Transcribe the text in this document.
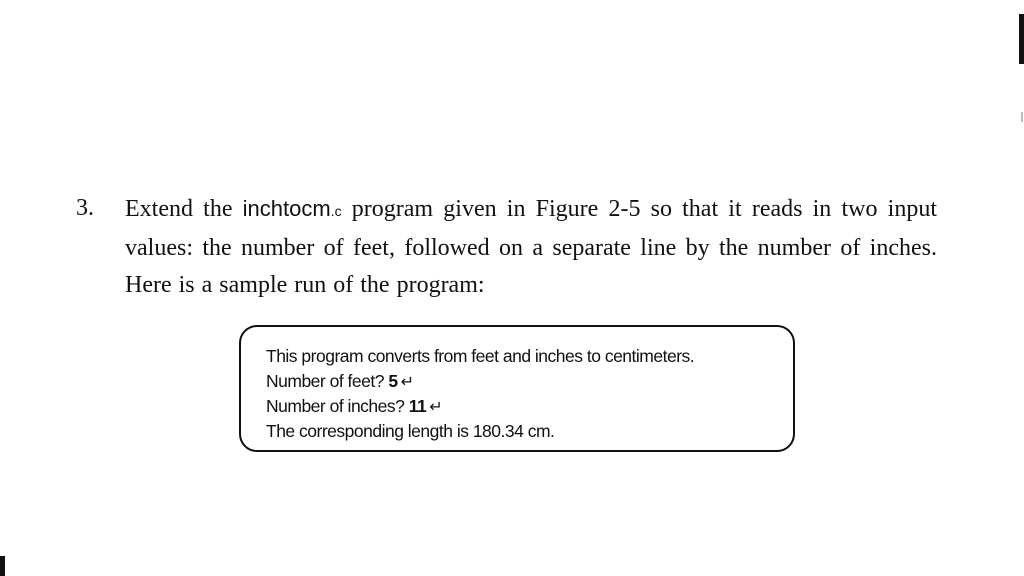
3. Extend the inchtocm.c program given in Figure 2-5 so that it reads in two input
values: the number of feet, followed on a separate line by the number of inches.
Here is a sample run of the program:
This program converts from feet and inches to centimeters.
Number of feet? 5 ↵
Number of inches? 11 ↵
The corresponding length is 180.34 cm.
